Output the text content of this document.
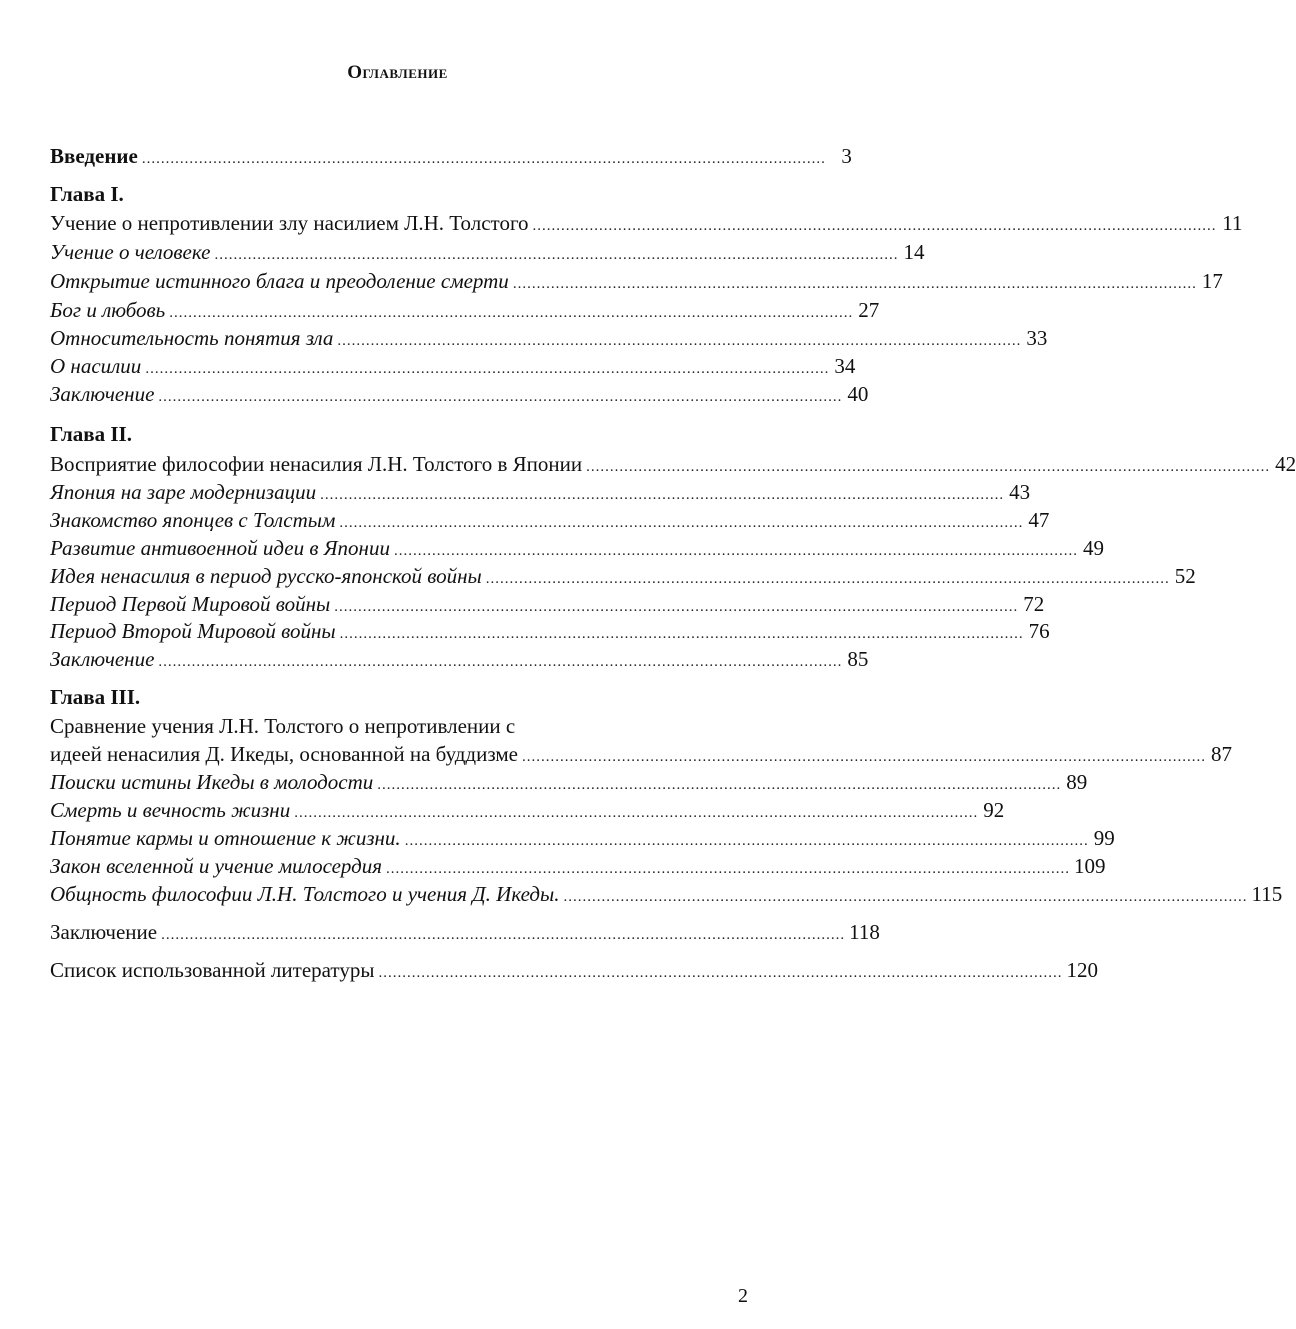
Оглавление
Введение ................................................................................................................................................ 3
Глава I.
Учение о непротивлении злу насилием Л.Н. Толстого ................................................................................................................................................ 11
Учение о человеке ................................................................................................................................................ 14
Открытие истинного блага и преодоление смерти ................................................................................................................................................ 17
Бог и любовь ................................................................................................................................................ 27
Относительность понятия зла ................................................................................................................................................ 33
О насилии ................................................................................................................................................ 34
Заключение ................................................................................................................................................ 40
Глава II.
Восприятие философии ненасилия Л.Н. Толстого в Японии ................................................................................................................................................ 42
Япония на заре модернизации ................................................................................................................................................ 43
Знакомство японцев с Толстым ................................................................................................................................................ 47
Развитие антивоенной идеи в Японии ................................................................................................................................................ 49
Идея ненасилия в период русско-японской войны ................................................................................................................................................ 52
Период Первой Мировой войны ................................................................................................................................................ 72
Период Второй Мировой войны ................................................................................................................................................ 76
Заключение ................................................................................................................................................ 85
Глава III.
Сравнение учения Л.Н. Толстого о непротивлении с
идеей ненасилия Д. Икеды, основанной на буддизме ................................................................................................................................................ 87
Поиски истины Икеды в молодости ................................................................................................................................................ 89
Смерть и вечность жизни ................................................................................................................................................ 92
Понятие кармы и отношение к жизни. ................................................................................................................................................ 99
Закон вселенной и учение милосердия ................................................................................................................................................ 109
Общность философии Л.Н. Толстого и учения Д. Икеды. ................................................................................................................................................ 115
Заключение ................................................................................................................................................ 118
Список использованной литературы ................................................................................................................................................ 120
2
